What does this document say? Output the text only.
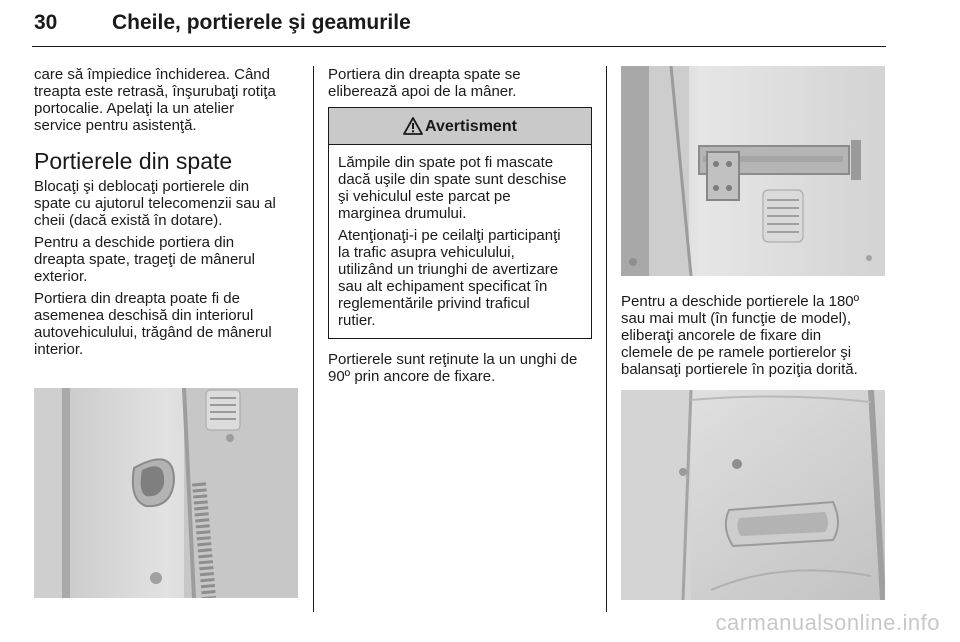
30	Cheile, portierele şi geamurile

care să împiedice închiderea. Când
treapta este retrasă, înşurubaţi rotiţa
portocalie. Apelaţi la un atelier
service pentru asistenţă.

Portierele din spate

Blocaţi şi deblocaţi portierele din
spate cu ajutorul telecomenzii sau al
cheii (dacă există în dotare).

Pentru a deschide portiera din
dreapta spate, trageţi de mânerul
exterior.

Portiera din dreapta poate fi de
asemenea deschisă din interiorul
autovehiculului, trăgând de mânerul
interior.

Portiera din dreapta spate se
eliberează apoi de la mâner.

Avertisment

Lămpile din spate pot fi mascate
dacă uşile din spate sunt deschise
şi vehiculul este parcat pe
marginea drumului.

Atenţionaţi-i pe ceilalţi participanţi
la trafic asupra vehiculului,
utilizând un triunghi de avertizare
sau alt echipament specificat în
reglementările privind traficul
rutier.

Portierele sunt reţinute la un unghi de
90º prin ancore de fixare.

Pentru a deschide portierele la 180º
sau mai mult (în funcţie de model),
eliberaţi ancorele de fixare din
clemele de pe ramele portierelor şi
balansaţi portierele în poziţia dorită.

carmanualsonline.info
